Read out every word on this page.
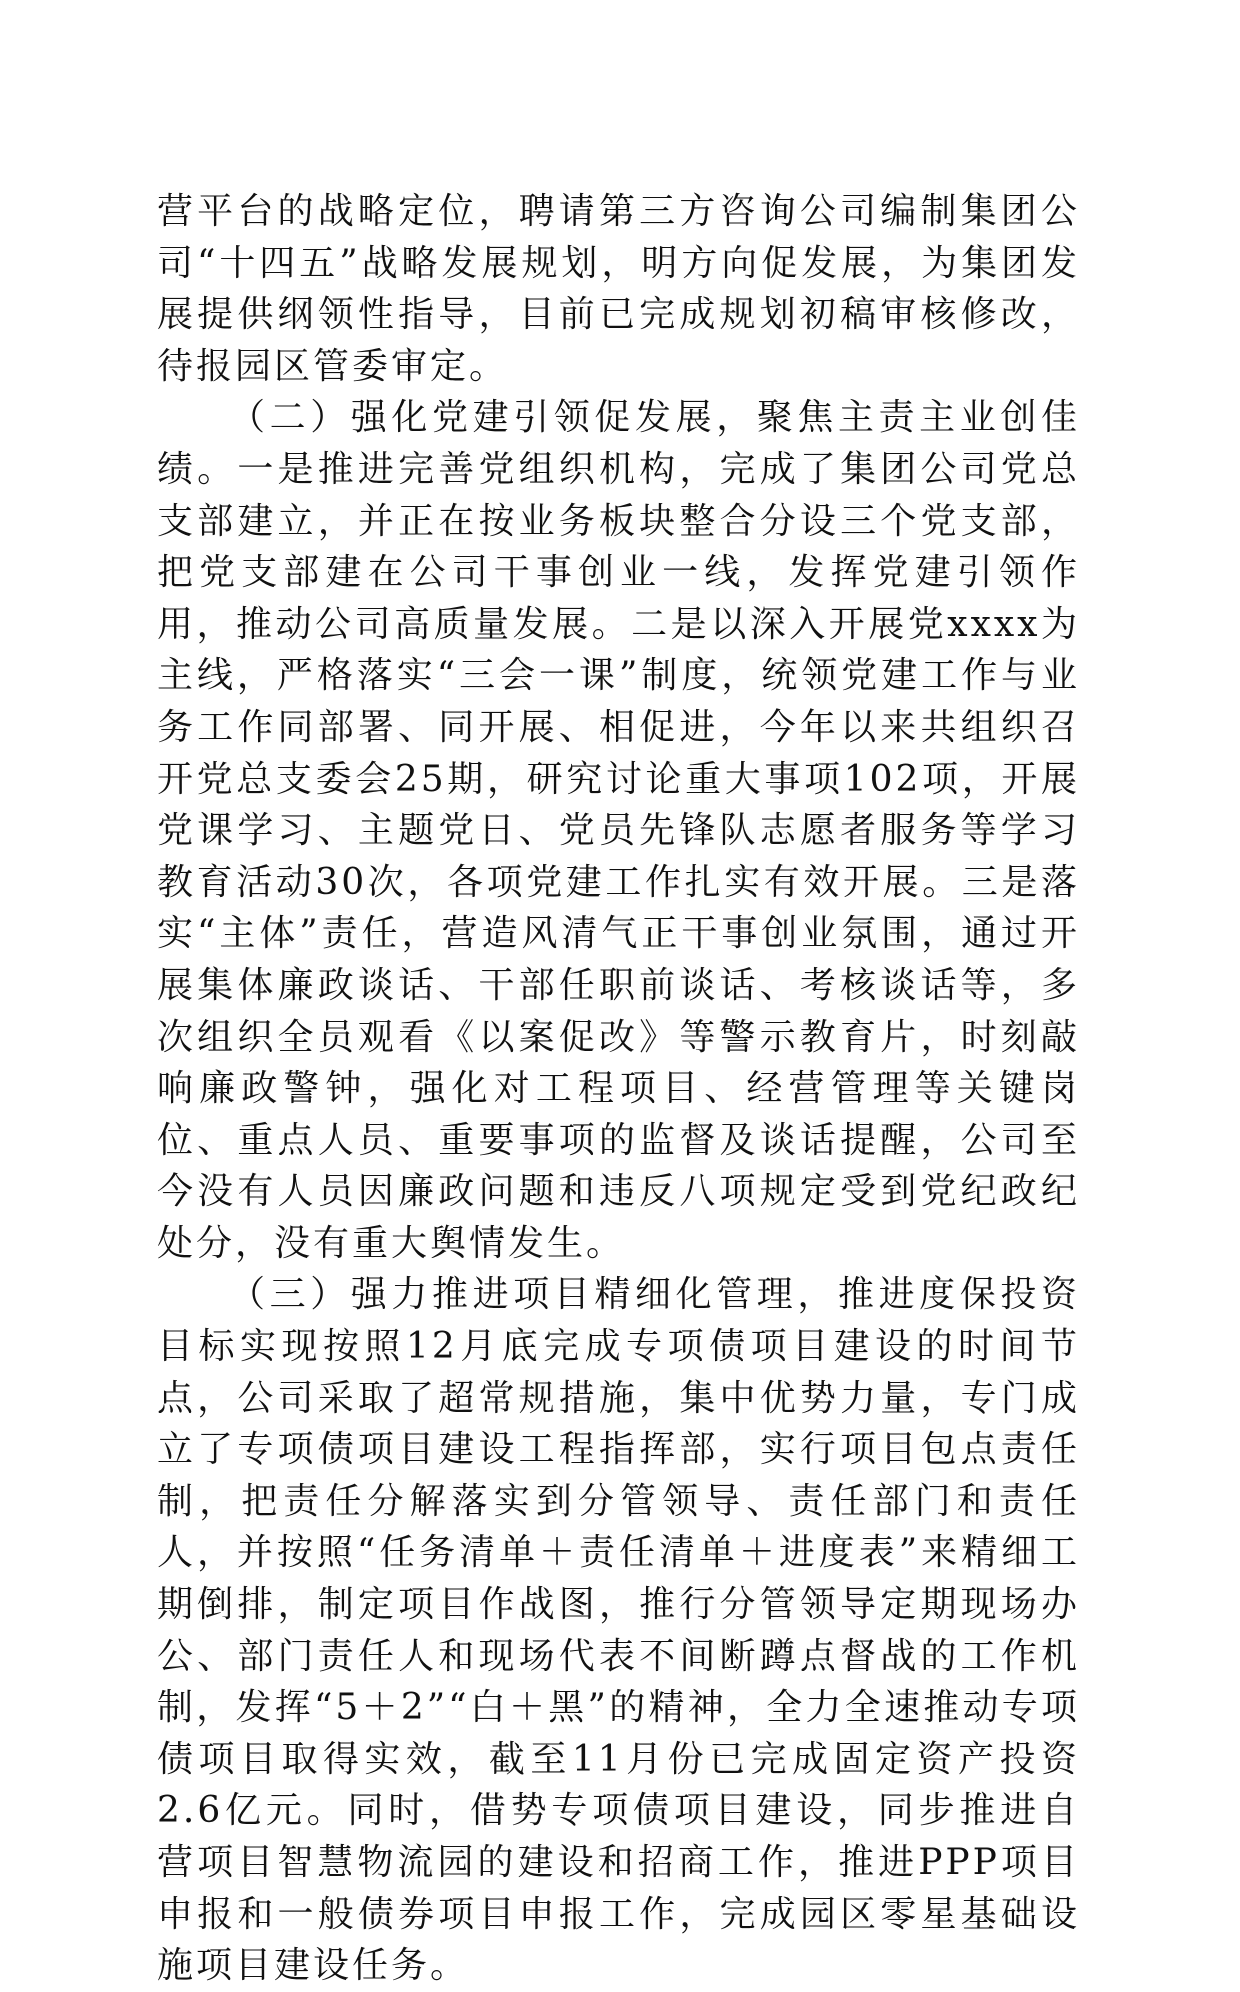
营平台的战略定位，聘请第三方咨询公司编制集团公司“十四五”战略发展规划，明方向促发展，为集团发展提供纲领性指导，目前已完成规划初稿审核修改，待报园区管委审定。

（二）强化党建引领促发展，聚焦主责主业创佳绩。一是推进完善党组织机构，完成了集团公司党总支部建立，并正在按业务板块整合分设三个党支部，把党支部建在公司干事创业一线，发挥党建引领作用，推动公司高质量发展。二是以深入开展党xxxx为主线，严格落实“三会一课”制度，统领党建工作与业务工作同部署、同开展、相促进，今年以来共组织召开党总支委会25期，研究讨论重大事项102项，开展党课学习、主题党日、党员先锋队志愿者服务等学习教育活动30次，各项党建工作扎实有效开展。三是落实“主体”责任，营造风清气正干事创业氛围，通过开展集体廉政谈话、干部任职前谈话、考核谈话等，多次组织全员观看《以案促改》等警示教育片，时刻敲响廉政警钟，强化对工程项目、经营管理等关键岗位、重点人员、重要事项的监督及谈话提醒，公司至今没有人员因廉政问题和违反八项规定受到党纪政纪处分，没有重大舆情发生。

（三）强力推进项目精细化管理，推进度保投资目标实现按照12月底完成专项债项目建设的时间节点，公司采取了超常规措施，集中优势力量，专门成立了专项债项目建设工程指挥部，实行项目包点责任制，把责任分解落实到分管领导、责任部门和责任人，并按照“任务清单＋责任清单＋进度表”来精细工期倒排，制定项目作战图，推行分管领导定期现场办公、部门责任人和现场代表不间断蹲点督战的工作机制，发挥“5＋2”“白＋黑”的精神，全力全速推动专项债项目取得实效，截至11月份已完成固定资产投资2.6亿元。同时，借势专项债项目建设，同步推进自营项目智慧物流园的建设和招商工作，推进PPP项目申报和一般债券项目申报工作，完成园区零星基础设施项目建设任务。
